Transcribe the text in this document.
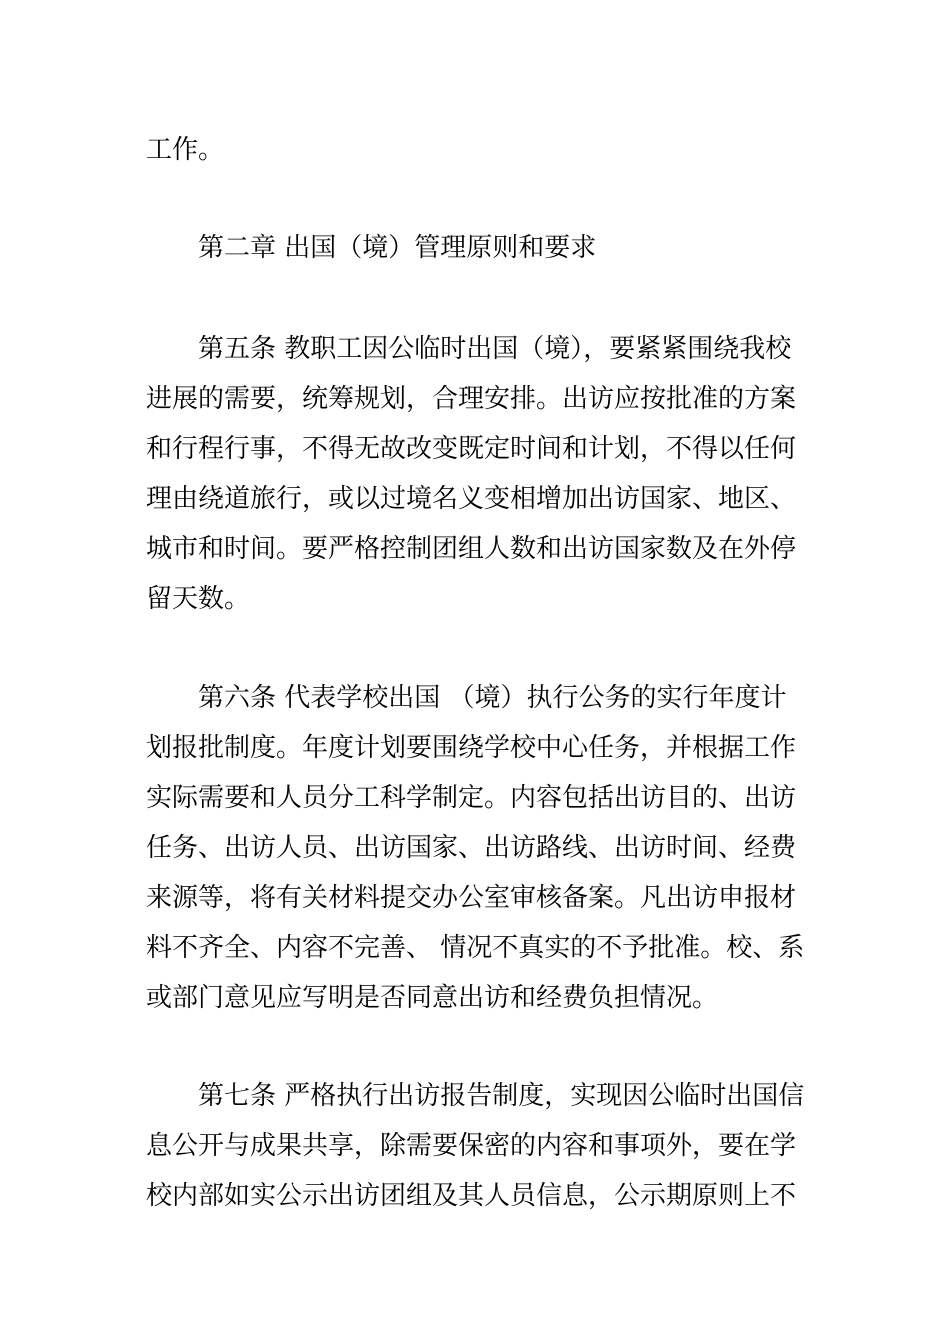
工作。
第二章 出国（境）管理原则和要求
第五条 教职工因公临时出国（境），要紧紧围绕我校
进展的需要，统筹规划，合理安排。出访应按批准的方案
和行程行事，不得无故改变既定时间和计划，不得以任何
理由绕道旅行，或以过境名义变相增加出访国家、地区、
城市和时间。要严格控制团组人数和出访国家数及在外停
留天数。
第六条 代表学校出国 （境）执行公务的实行年度计
划报批制度。年度计划要围绕学校中心任务，并根据工作
实际需要和人员分工科学制定。内容包括出访目的、出访
任务、出访人员、出访国家、出访路线、出访时间、经费
来源等，将有关材料提交办公室审核备案。凡出访申报材
料不齐全、内容不完善、 情况不真实的不予批准。校、系
或部门意见应写明是否同意出访和经费负担情况。
第七条 严格执行出访报告制度，实现因公临时出国信
息公开与成果共享，除需要保密的内容和事项外，要在学
校内部如实公示出访团组及其人员信息，公示期原则上不
